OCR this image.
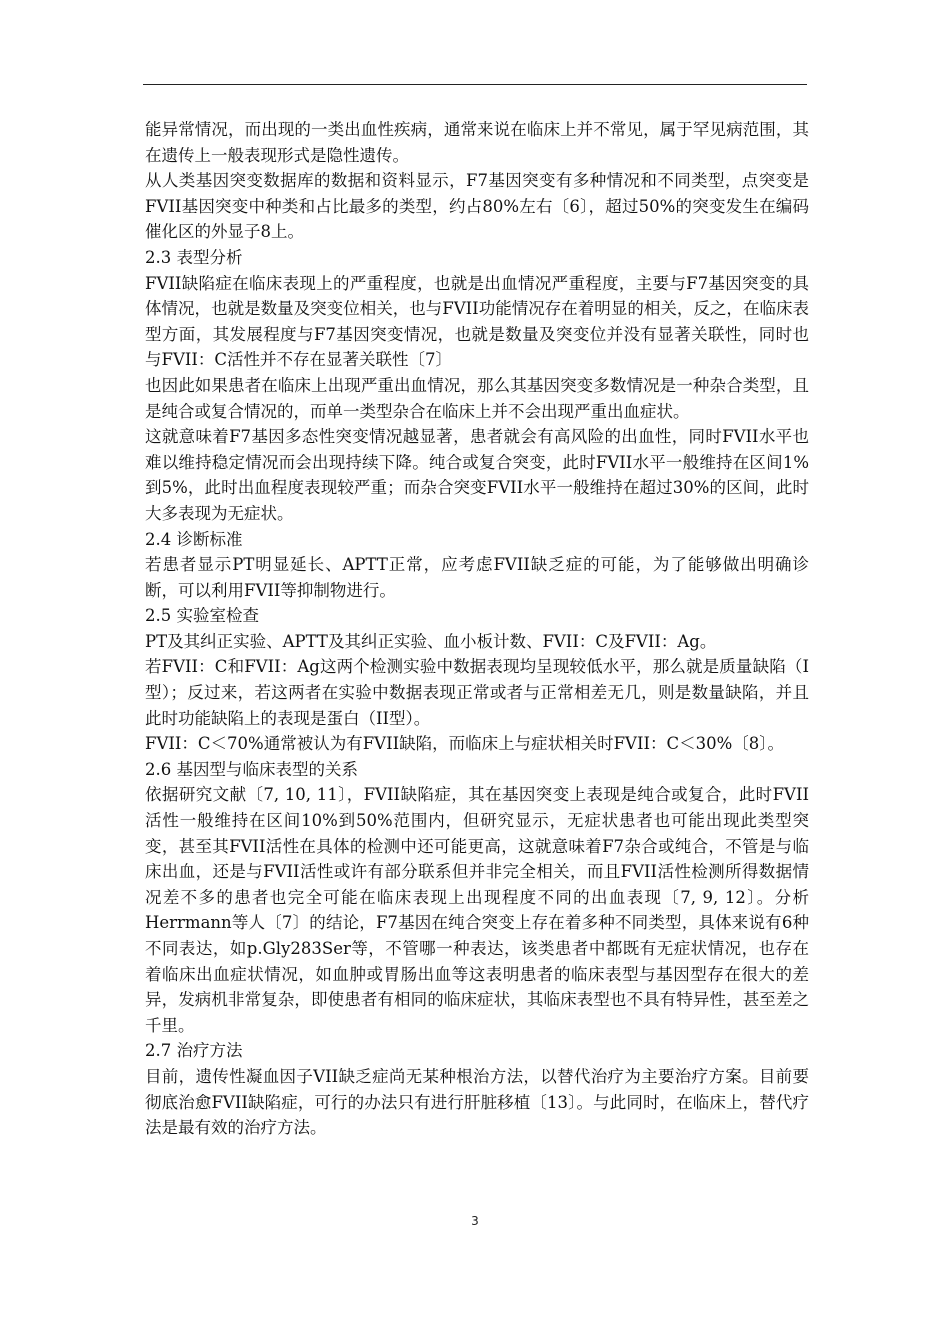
能异常情况，而出现的一类出血性疾病，通常来说在临床上并不常见，属于罕见病范围，其在遗传上一般表现形式是隐性遗传。

从人类基因突变数据库的数据和资料显示，F7基因突变有多种情况和不同类型，点突变是FVII基因突变中种类和占比最多的类型，约占80%左右〔6〕，超过50%的突变发生在编码催化区的外显子8上。

2.3 表型分析

FVII缺陷症在临床表现上的严重程度，也就是出血情况严重程度，主要与F7基因突变的具体情况，也就是数量及突变位相关，也与FVII功能情况存在着明显的相关，反之，在临床表型方面，其发展程度与F7基因突变情况，也就是数量及突变位并没有显著关联性，同时也与FVII：C活性并不存在显著关联性〔7〕

也因此如果患者在临床上出现严重出血情况，那么其基因突变多数情况是一种杂合类型，且是纯合或复合情况的，而单一类型杂合在临床上并不会出现严重出血症状。

这就意味着F7基因多态性突变情况越显著，患者就会有高风险的出血性，同时FVII水平也难以维持稳定情况而会出现持续下降。纯合或复合突变，此时FVII水平一般维持在区间1%到5%，此时出血程度表现较严重；而杂合突变FVII水平一般维持在超过30%的区间，此时大多表现为无症状。

2.4 诊断标准

若患者显示PT明显延长、APTT正常，应考虑FVII缺乏症的可能，为了能够做出明确诊断，可以利用FVII等抑制物进行。

2.5 实验室检查

PT及其纠正实验、APTT及其纠正实验、血小板计数、FVII：C及FVII：Ag。

若FVII：C和FVII：Ag这两个检测实验中数据表现均呈现较低水平，那么就是质量缺陷（I型）；反过来，若这两者在实验中数据表现正常或者与正常相差无几，则是数量缺陷，并且此时功能缺陷上的表现是蛋白（II型）。

FVII：C＜70%通常被认为有FVII缺陷，而临床上与症状相关时FVII：C＜30%〔8〕。

2.6 基因型与临床表型的关系

依据研究文献〔7, 10, 11〕，FVII缺陷症，其在基因突变上表现是纯合或复合，此时FVII活性一般维持在区间10%到50%范围内，但研究显示，无症状患者也可能出现此类型突变，甚至其FVII活性在具体的检测中还可能更高，这就意味着F7杂合或纯合，不管是与临床出血，还是与FVII活性或许有部分联系但并非完全相关，而且FVII活性检测所得数据情况差不多的患者也完全可能在临床表现上出现程度不同的出血表现〔7, 9, 12〕。分析Herrmann等人〔7〕的结论，F7基因在纯合突变上存在着多种不同类型，具体来说有6种不同表达，如p.Gly283Ser等，不管哪一种表达，该类患者中都既有无症状情况，也存在着临床出血症状情况，如血肿或胃肠出血等这表明患者的临床表型与基因型存在很大的差异，发病机非常复杂，即使患者有相同的临床症状，其临床表型也不具有特异性，甚至差之千里。

2.7 治疗方法

目前，遗传性凝血因子VII缺乏症尚无某种根治方法，以替代治疗为主要治疗方案。目前要彻底治愈FVII缺陷症，可行的办法只有进行肝脏移植〔13〕。与此同时，在临床上，替代疗法是最有效的治疗方法。

3
